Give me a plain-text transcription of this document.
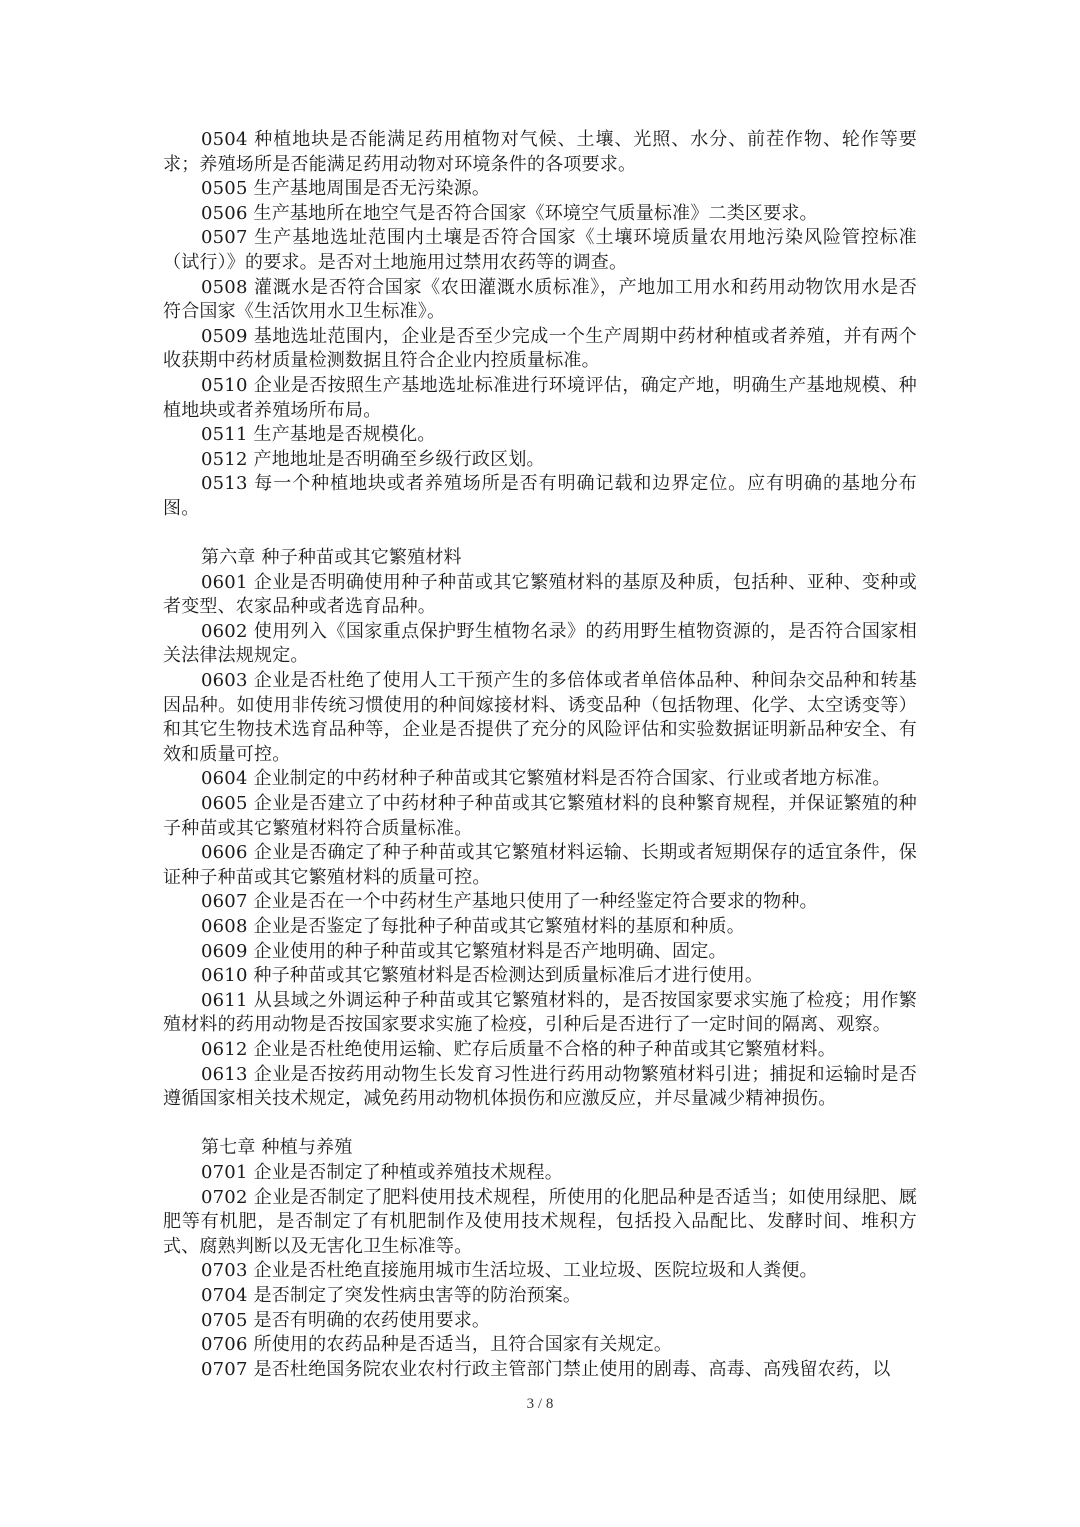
0504 种植地块是否能满足药用植物对气候、土壤、光照、水分、前茬作物、轮作等要求；养殖场所是否能满足药用动物对环境条件的各项要求。

0505 生产基地周围是否无污染源。

0506 生产基地所在地空气是否符合国家《环境空气质量标准》二类区要求。

0507 生产基地选址范围内土壤是否符合国家《土壤环境质量农用地污染风险管控标准（试行）》的要求。是否对土地施用过禁用农药等的调查。

0508 灌溉水是否符合国家《农田灌溉水质标准》，产地加工用水和药用动物饮用水是否符合国家《生活饮用水卫生标准》。

0509 基地选址范围内，企业是否至少完成一个生产周期中药材种植或者养殖，并有两个收获期中药材质量检测数据且符合企业内控质量标准。

0510 企业是否按照生产基地选址标准进行环境评估，确定产地，明确生产基地规模、种植地块或者养殖场所布局。

0511 生产基地是否规模化。

0512 产地地址是否明确至乡级行政区划。

0513 每一个种植地块或者养殖场所是否有明确记载和边界定位。应有明确的基地分布图。

第六章 种子种苗或其它繁殖材料

0601 企业是否明确使用种子种苗或其它繁殖材料的基原及种质，包括种、亚种、变种或者变型、农家品种或者选育品种。

0602 使用列入《国家重点保护野生植物名录》的药用野生植物资源的，是否符合国家相关法律法规规定。

0603 企业是否杜绝了使用人工干预产生的多倍体或者单倍体品种、种间杂交品种和转基因品种。如使用非传统习惯使用的种间嫁接材料、诱变品种（包括物理、化学、太空诱变等）和其它生物技术选育品种等，企业是否提供了充分的风险评估和实验数据证明新品种安全、有效和质量可控。

0604 企业制定的中药材种子种苗或其它繁殖材料是否符合国家、行业或者地方标准。

0605 企业是否建立了中药材种子种苗或其它繁殖材料的良种繁育规程，并保证繁殖的种子种苗或其它繁殖材料符合质量标准。

0606 企业是否确定了种子种苗或其它繁殖材料运输、长期或者短期保存的适宜条件，保证种子种苗或其它繁殖材料的质量可控。

0607 企业是否在一个中药材生产基地只使用了一种经鉴定符合要求的物种。

0608 企业是否鉴定了每批种子种苗或其它繁殖材料的基原和种质。

0609 企业使用的种子种苗或其它繁殖材料是否产地明确、固定。

0610 种子种苗或其它繁殖材料是否检测达到质量标准后才进行使用。

0611 从县域之外调运种子种苗或其它繁殖材料的，是否按国家要求实施了检疫；用作繁殖材料的药用动物是否按国家要求实施了检疫，引种后是否进行了一定时间的隔离、观察。

0612 企业是否杜绝使用运输、贮存后质量不合格的种子种苗或其它繁殖材料。

0613 企业是否按药用动物生长发育习性进行药用动物繁殖材料引进；捕捉和运输时是否遵循国家相关技术规定，减免药用动物机体损伤和应激反应，并尽量减少精神损伤。

第七章 种植与养殖

0701 企业是否制定了种植或养殖技术规程。

0702 企业是否制定了肥料使用技术规程，所使用的化肥品种是否适当；如使用绿肥、厩肥等有机肥，是否制定了有机肥制作及使用技术规程，包括投入品配比、发酵时间、堆积方式、腐熟判断以及无害化卫生标准等。

0703 企业是否杜绝直接施用城市生活垃圾、工业垃圾、医院垃圾和人粪便。

0704 是否制定了突发性病虫害等的防治预案。

0705 是否有明确的农药使用要求。

0706 所使用的农药品种是否适当，且符合国家有关规定。

0707 是否杜绝国务院农业农村行政主管部门禁止使用的剧毒、高毒、高残留农药，以

3 / 8
